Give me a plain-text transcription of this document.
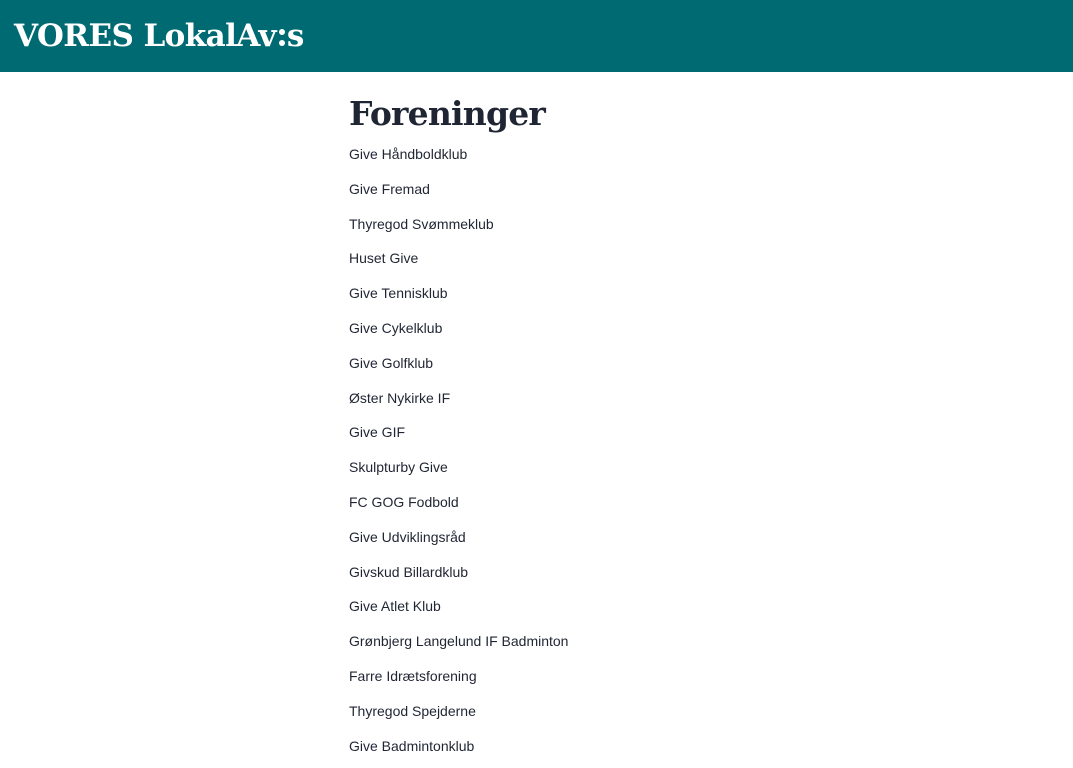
VORES LokalAv s
Foreninger
Give Håndboldklub
Give Fremad
Thyregod Svømmeklub
Huset Give
Give Tennisklub
Give Cykelklub
Give Golfklub
Øster Nykirke IF
Give GIF
Skulpturby Give
FC GOG Fodbold
Give Udviklingsråd
Givskud Billardklub
Give Atlet Klub
Grønbjerg Langelund IF Badminton
Farre Idrætsforening
Thyregod Spejderne
Give Badmintonklub
